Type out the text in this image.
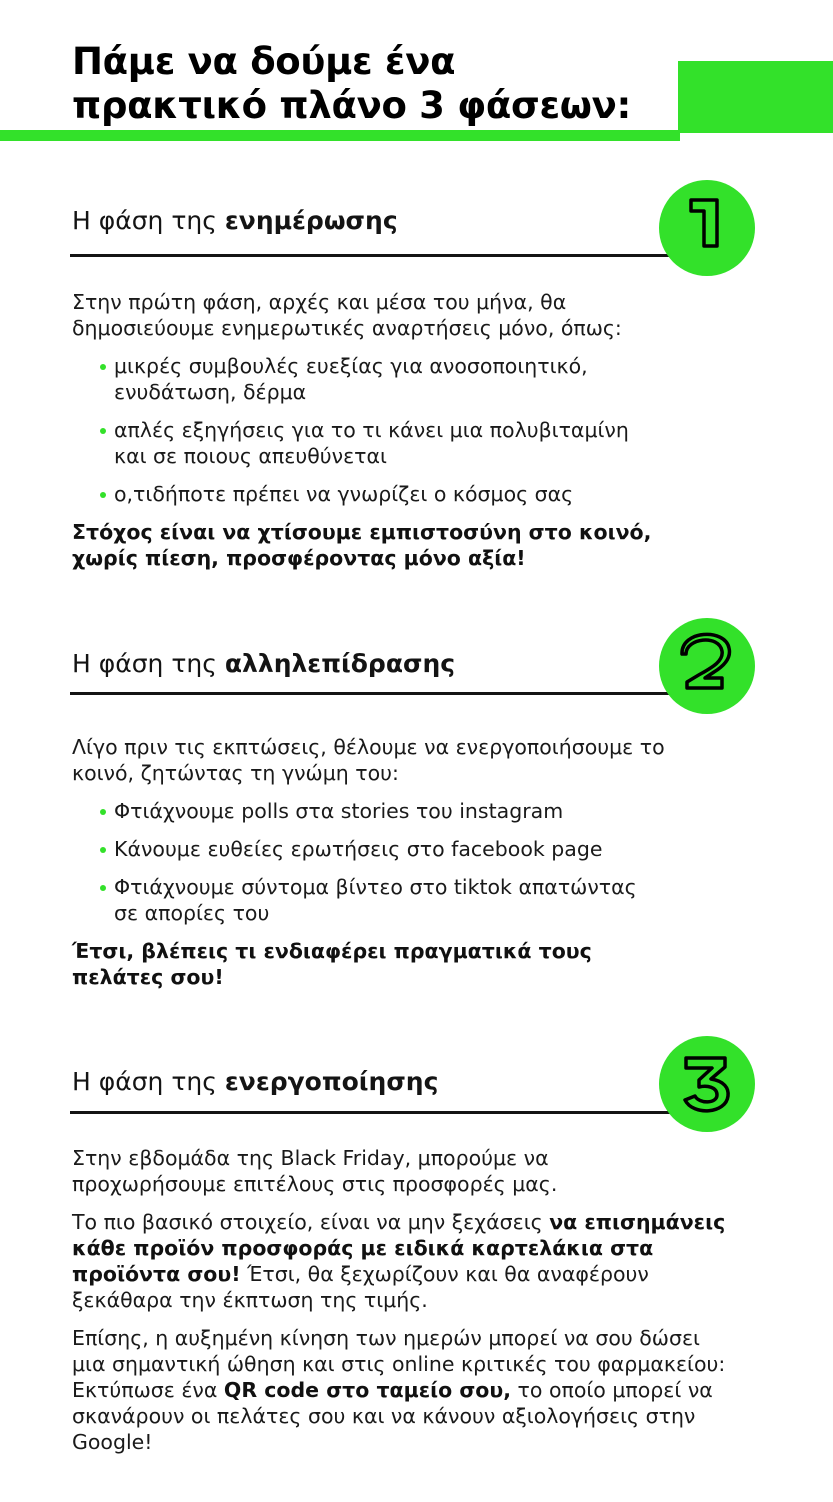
Πάμε να δούμε ένα
πρακτικό πλάνο 3 φάσεων:
Η φάση της ενημέρωσης

Στην πρώτη φάση, αρχές και μέσα του μήνα, θα δημοσιεύουμε ενημερωτικές αναρτήσεις μόνο, όπως:

μικρές συμβουλές ευεξίας για ανοσοποιητικό, ενυδάτωση, δέρμα
απλές εξηγήσεις για το τι κάνει μια πολυβιταμίνη και σε ποιους απευθύνεται
ο,τιδήποτε πρέπει να γνωρίζει ο κόσμος σας

Στόχος είναι να χτίσουμε εμπιστοσύνη στο κοινό, χωρίς πίεση, προσφέροντας μόνο αξία!

Η φάση της αλληλεπίδρασης

Λίγο πριν τις εκπτώσεις, θέλουμε να ενεργοποιήσουμε το κοινό, ζητώντας τη γνώμη του:

Φτιάχνουμε polls στα stories του instagram
Κάνουμε ευθείες ερωτήσεις στο facebook page
Φτιάχνουμε σύντομα βίντεο στο tiktok απατώντας σε απορίες του

Έτσι, βλέπεις τι ενδιαφέρει πραγματικά τους πελάτες σου!

Η φάση της ενεργοποίησης

Στην εβδομάδα της Black Friday, μπορούμε να προχωρήσουμε επιτέλους στις προσφορές μας.

Το πιο βασικό στοιχείο, είναι να μην ξεχάσεις να επισημάνεις κάθε προϊόν προσφοράς με ειδικά καρτελάκια στα προϊόντα σου! Έτσι, θα ξεχωρίζουν και θα αναφέρουν ξεκάθαρα την έκπτωση της τιμής.

Επίσης, η αυξημένη κίνηση των ημερών μπορεί να σου δώσει μια σημαντική ώθηση και στις online κριτικές του φαρμακείου: Εκτύπωσε ένα QR code στο ταμείο σου, το οποίο μπορεί να σκανάρουν οι πελάτες σου και να κάνουν αξιολογήσεις στην Google!
